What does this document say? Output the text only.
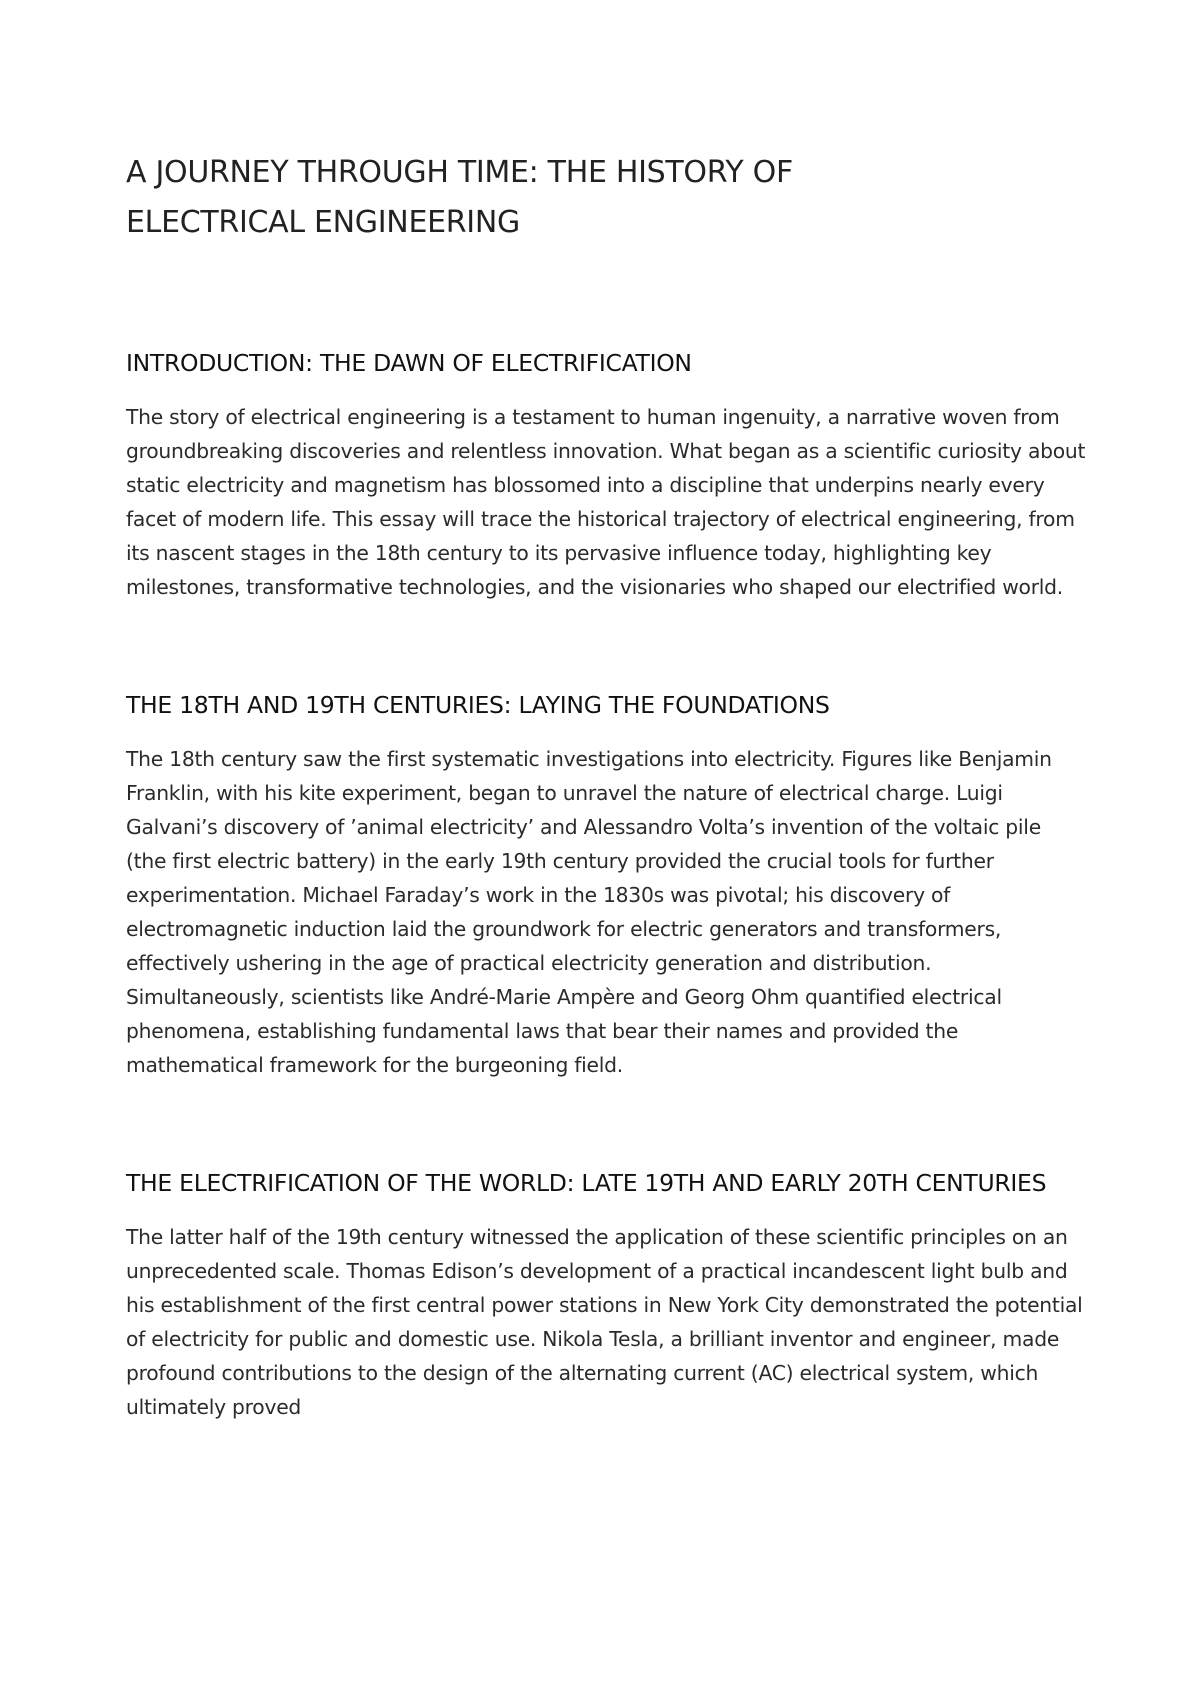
A JOURNEY THROUGH TIME: THE HISTORY OF ELECTRICAL ENGINEERING
INTRODUCTION: THE DAWN OF ELECTRIFICATION

The story of electrical engineering is a testament to human ingenuity, a narrative woven from groundbreaking discoveries and relentless innovation. What began as a scientific curiosity about static electricity and magnetism has blossomed into a discipline that underpins nearly every facet of modern life. This essay will trace the historical trajectory of electrical engineering, from its nascent stages in the 18th century to its pervasive influence today, highlighting key milestones, transformative technologies, and the visionaries who shaped our electrified world.

THE 18TH AND 19TH CENTURIES: LAYING THE FOUNDATIONS

The 18th century saw the first systematic investigations into electricity. Figures like Benjamin Franklin, with his kite experiment, began to unravel the nature of electrical charge. Luigi Galvani’s discovery of ’animal electricity’ and Alessandro Volta’s invention of the voltaic pile (the first electric battery) in the early 19th century provided the crucial tools for further experimentation. Michael Faraday’s work in the 1830s was pivotal; his discovery of electromagnetic induction laid the groundwork for electric generators and transformers, effectively ushering in the age of practical electricity generation and distribution. Simultaneously, scientists like André-Marie Ampère and Georg Ohm quantified electrical phenomena, establishing fundamental laws that bear their names and provided the mathematical framework for the burgeoning field.

THE ELECTRIFICATION OF THE WORLD: LATE 19TH AND EARLY 20TH CENTURIES

The latter half of the 19th century witnessed the application of these scientific principles on an unprecedented scale. Thomas Edison’s development of a practical incandescent light bulb and his establishment of the first central power stations in New York City demonstrated the potential of electricity for public and domestic use. Nikola Tesla, a brilliant inventor and engineer, made profound contributions to the design of the alternating current (AC) electrical system, which ultimately proved
